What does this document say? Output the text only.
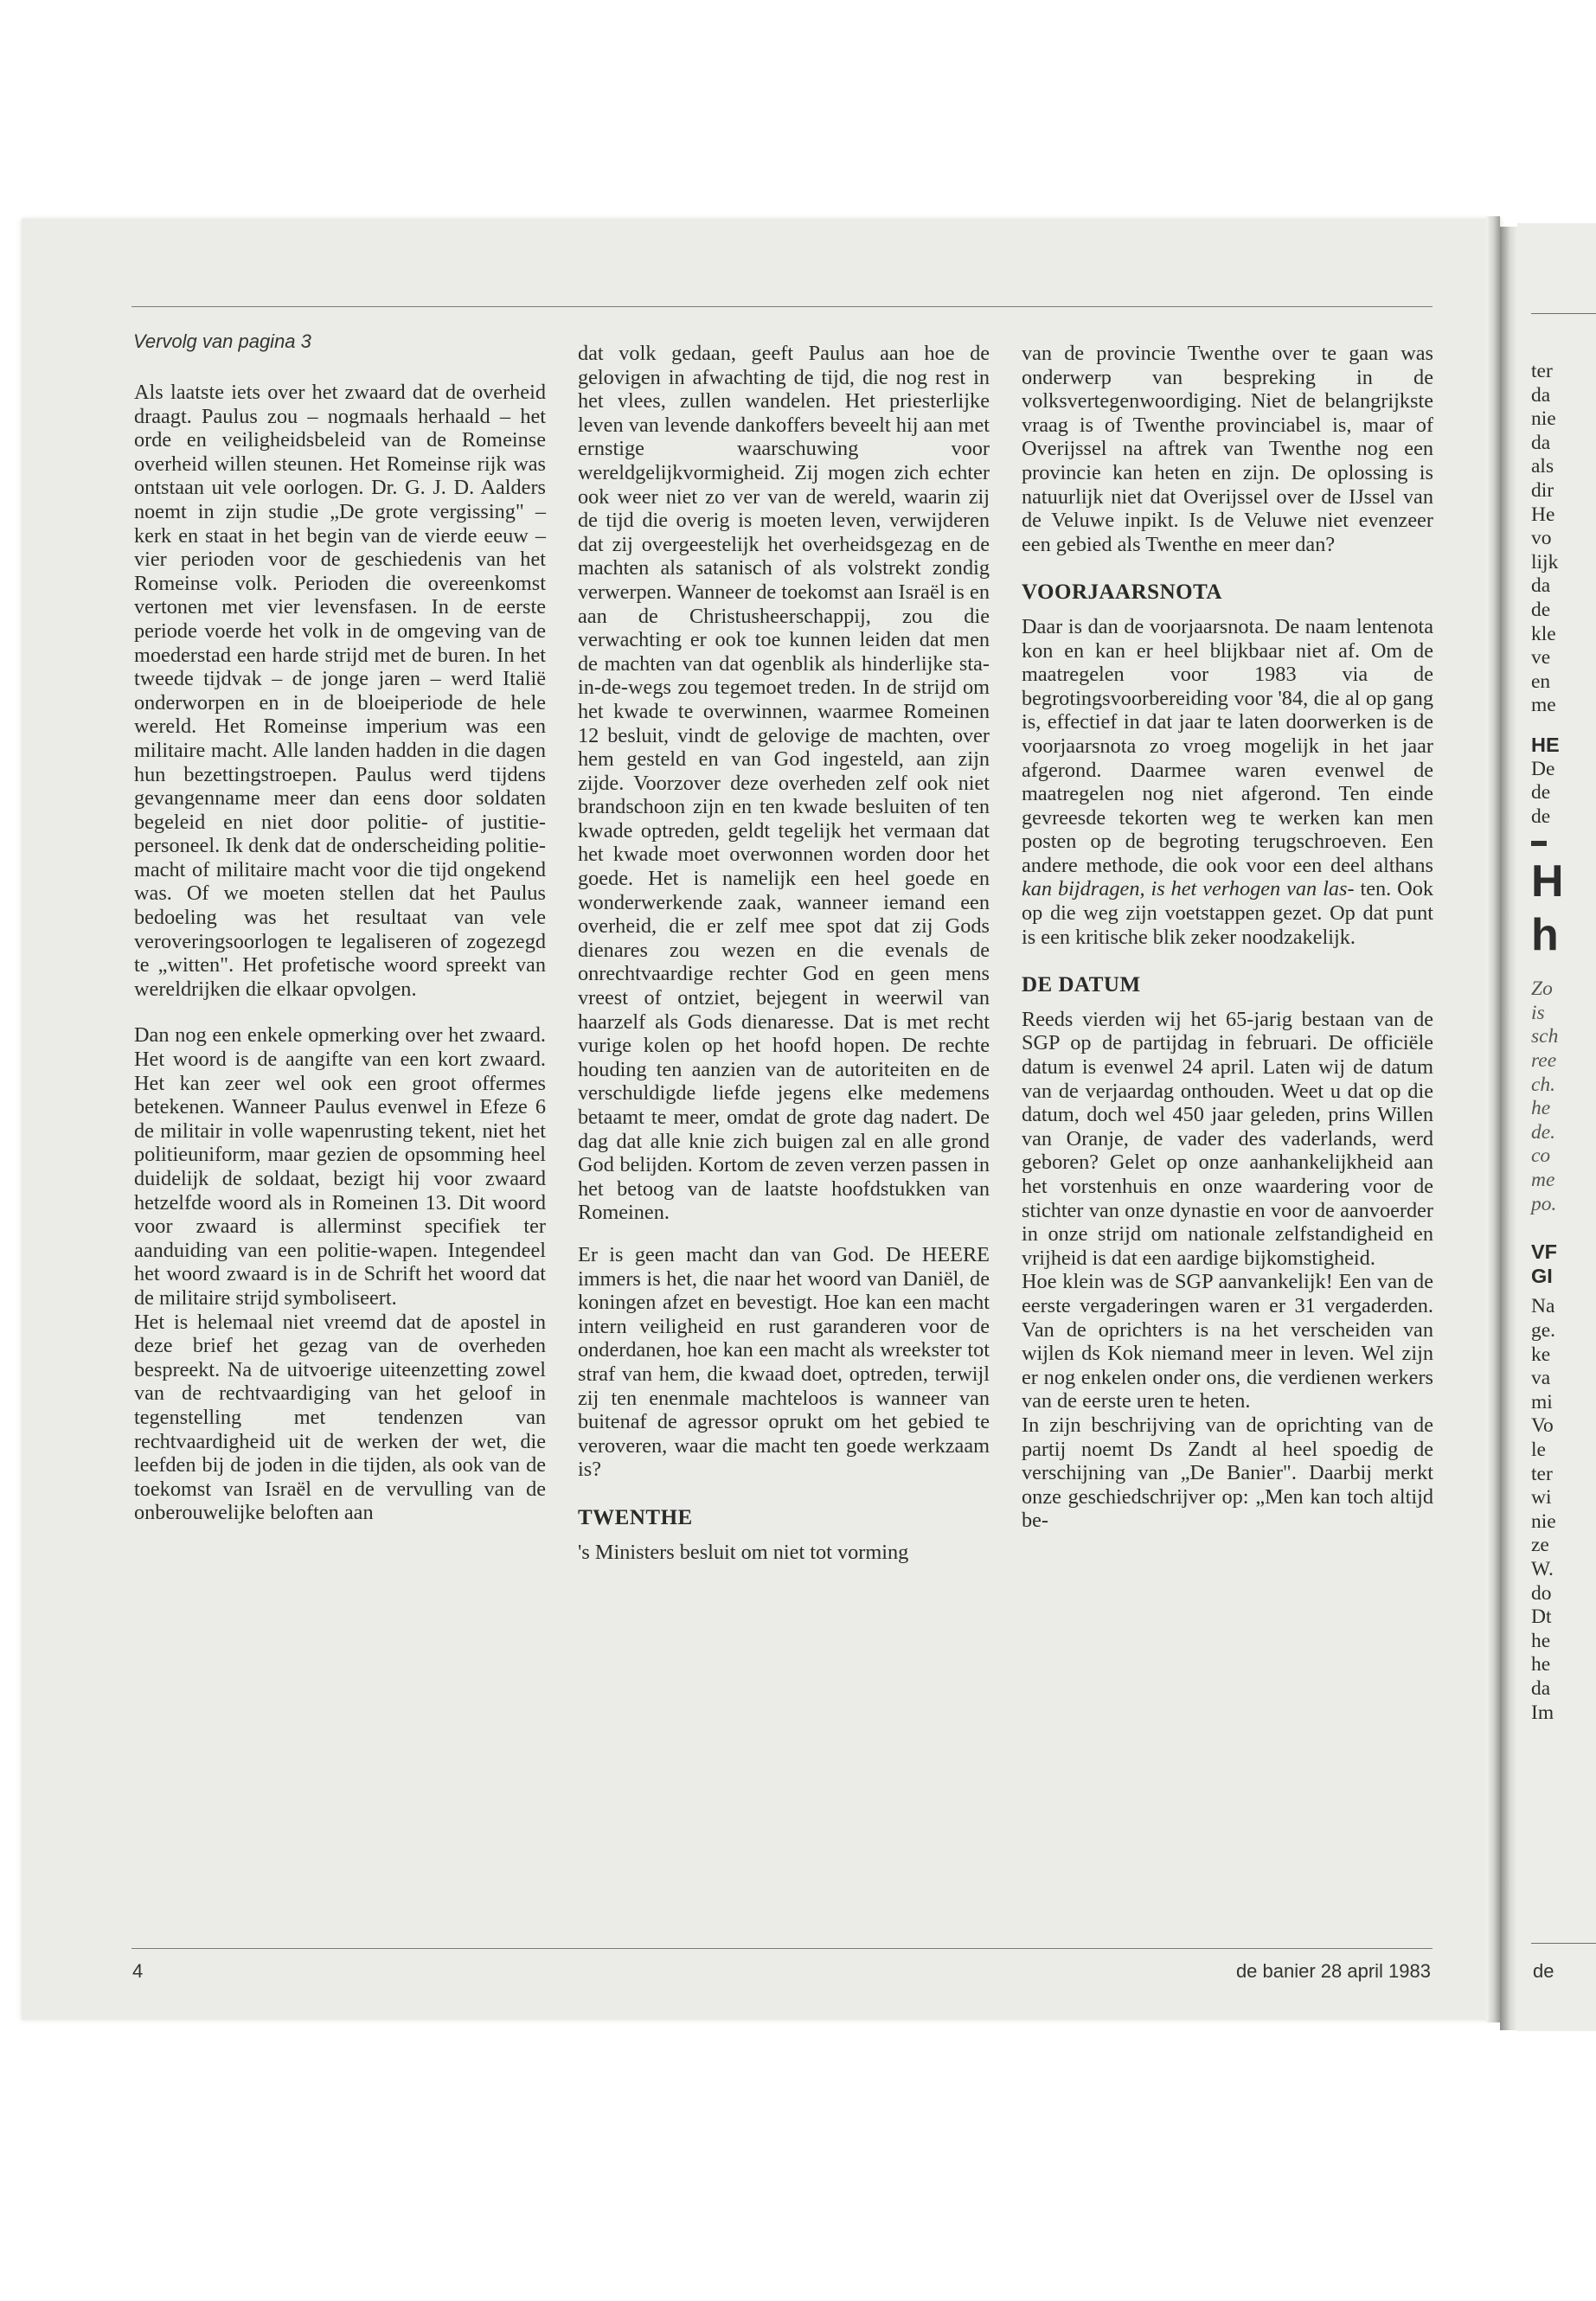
Vervolg van pagina 3

Als laatste iets over het zwaard dat de overheid draagt. Paulus zou – nogmaals herhaald – het orde en veiligheidsbeleid van de Romeinse overheid willen steunen. Het Romeinse rijk was ontstaan uit vele oorlogen. Dr. G. J. D. Aalders noemt in zijn studie „De grote vergissing" – kerk en staat in het begin van de vierde eeuw – vier perioden voor de geschiedenis van het Romeinse volk. Perioden die overeenkomst vertonen met vier levensfasen. In de eerste periode voerde het volk in de omgeving van de moederstad een harde strijd met de buren. In het tweede tijdvak – de jonge jaren – werd Italië onderworpen en in de bloeiperiode de hele wereld. Het Romeinse imperium was een militaire macht. Alle landen hadden in die dagen hun bezettingstroepen. Paulus werd tijdens gevangenname meer dan eens door soldaten begeleid en niet door politie- of justitie-personeel. Ik denk dat de onderscheiding politie-macht of militaire macht voor die tijd ongekend was. Of we moeten stellen dat het Paulus bedoeling was het resultaat van vele veroveringsoorlogen te legaliseren of zogezegd te „witten". Het profetische woord spreekt van wereldrijken die elkaar opvolgen.

Dan nog een enkele opmerking over het zwaard. Het woord is de aangifte van een kort zwaard. Het kan zeer wel ook een groot offermes betekenen. Wanneer Paulus evenwel in Efeze 6 de militair in volle wapenrusting tekent, niet het politieuniform, maar gezien de opsomming heel duidelijk de soldaat, bezigt hij voor zwaard hetzelfde woord als in Romeinen 13. Dit woord voor zwaard is allerminst specifiek ter aanduiding van een politie-wapen. Integendeel het woord zwaard is in de Schrift het woord dat de militaire strijd symboliseert.

Het is helemaal niet vreemd dat de apostel in deze brief het gezag van de overheden bespreekt. Na de uitvoerige uiteenzetting zowel van de rechtvaardiging van het geloof in tegenstelling met tendenzen van rechtvaardigheid uit de werken der wet, die leefden bij de joden in die tijden, als ook van de toekomst van Israël en de vervulling van de onberouwelijke beloften aan

dat volk gedaan, geeft Paulus aan hoe de gelovigen in afwachting de tijd, die nog rest in het vlees, zullen wandelen. Het priesterlijke leven van levende dankoffers beveelt hij aan met ernstige waarschuwing voor wereldgelijkvormigheid. Zij mogen zich echter ook weer niet zo ver van de wereld, waarin zij de tijd die overig is moeten leven, verwijderen dat zij overgeestelijk het overheidsgezag en de machten als satanisch of als volstrekt zondig verwerpen. Wanneer de toekomst aan Israël is en aan de Christusheerschappij, zou die verwachting er ook toe kunnen leiden dat men de machten van dat ogenblik als hinderlijke sta-in-de-wegs zou tegemoet treden. In de strijd om het kwade te overwinnen, waarmee Romeinen 12 besluit, vindt de gelovige de machten, over hem gesteld en van God ingesteld, aan zijn zijde. Voorzover deze overheden zelf ook niet brandschoon zijn en ten kwade besluiten of ten kwade optreden, geldt tegelijk het vermaan dat het kwade moet overwonnen worden door het goede. Het is namelijk een heel goede en wonderwerkende zaak, wanneer iemand een overheid, die er zelf mee spot dat zij Gods dienares zou wezen en die evenals de onrechtvaardige rechter God en geen mens vreest of ontziet, bejegent in weerwil van haarzelf als Gods dienaresse. Dat is met recht vurige kolen op het hoofd hopen. De rechte houding ten aanzien van de autoriteiten en de verschuldigde liefde jegens elke medemens betaamt te meer, omdat de grote dag nadert. De dag dat alle knie zich buigen zal en alle grond God belijden. Kortom de zeven verzen passen in het betoog van de laatste hoofdstukken van Romeinen.

Er is geen macht dan van God. De HEERE immers is het, die naar het woord van Daniël, de koningen afzet en bevestigt. Hoe kan een macht intern veiligheid en rust garanderen voor de onderdanen, hoe kan een macht als wreekster tot straf van hem, die kwaad doet, optreden, terwijl zij ten enenmale machteloos is wanneer van buitenaf de agressor oprukt om het gebied te veroveren, waar die macht ten goede werkzaam is?

TWENTHE

's Ministers besluit om niet tot vorming

van de provincie Twenthe over te gaan was onderwerp van bespreking in de volksvertegenwoordiging. Niet de belangrijkste vraag is of Twenthe provinciabel is, maar of Overijssel na aftrek van Twenthe nog een provincie kan heten en zijn. De oplossing is natuurlijk niet dat Overijssel over de IJssel van de Veluwe inpikt. Is de Veluwe niet evenzeer een gebied als Twenthe en meer dan?

VOORJAARSNOTA

Daar is dan de voorjaarsnota. De naam lentenota kon en kan er heel blijkbaar niet af. Om de maatregelen voor 1983 via de begrotingsvoorbereiding voor '84, die al op gang is, effectief in dat jaar te laten doorwerken is de voorjaarsnota zo vroeg mogelijk in het jaar afgerond. Daarmee waren evenwel de maatregelen nog niet afgerond. Ten einde gevreesde tekorten weg te werken kan men posten op de begroting terugschroeven. Een andere methode, die ook voor een deel althans kan bijdragen, is het verhogen van las- ten. Ook op die weg zijn voetstappen gezet. Op dat punt is een kritische blik zeker noodzakelijk.

DE DATUM

Reeds vierden wij het 65-jarig bestaan van de SGP op de partijdag in februari. De officiële datum is evenwel 24 april. Laten wij de datum van de verjaardag onthouden. Weet u dat op die datum, doch wel 450 jaar geleden, prins Willen van Oranje, de vader des vaderlands, werd geboren? Gelet op onze aanhankelijkheid aan het vorstenhuis en onze waardering voor de stichter van onze dynastie en voor de aanvoerder in onze strijd om nationale zelfstandigheid en vrijheid is dat een aardige bijkomstigheid.

Hoe klein was de SGP aanvankelijk! Een van de eerste vergaderingen waren er 31 vergaderden. Van de oprichters is na het verscheiden van wijlen ds Kok niemand meer in leven. Wel zijn er nog enkelen onder ons, die verdienen werkers van de eerste uren te heten.

In zijn beschrijving van de oprichting van de partij noemt Ds Zandt al heel spoedig de verschijning van „De Banier". Daarbij merkt onze geschiedschrijver op: „Men kan toch altijd be-

4	de banier 28 april 1983
ter
da
nie
da
als
dir
He
vo
lijk
da
de
kle
ve
en
me
HE
De
de
de
H
h
Zo
is
sch
ree
ch.
he
de.
co
me
po.
VF
GI
Na
ge.
ke
va
mi
Vo
le
ter
wi
nie
ze
W.
do
Dt
he
he
da
Im
de
